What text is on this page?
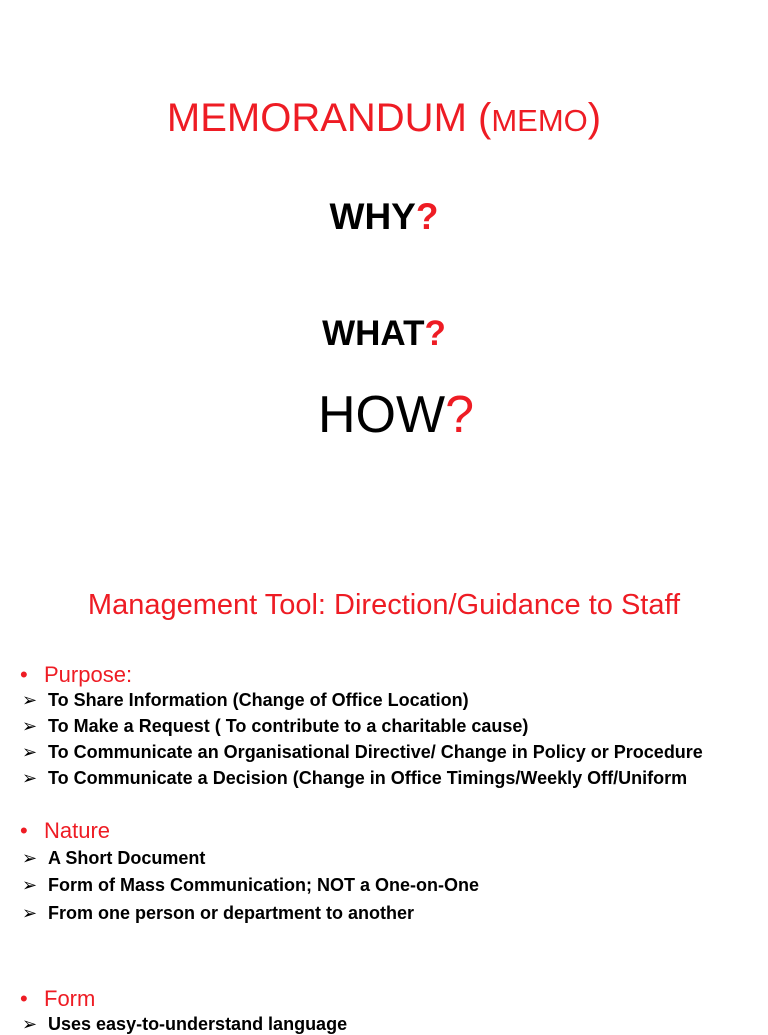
MEMORANDUM (MEMO)
WHY?
WHAT?
HOW?
Management Tool: Direction/Guidance to Staff
• Purpose:
➢ To Share Information (Change of Office Location)
➢ To Make a Request ( To contribute to a charitable cause)
➢ To Communicate an Organisational Directive/ Change in Policy or Procedure
➢ To Communicate a Decision (Change in Office Timings/Weekly Off/Uniform
• Nature
➢ A Short Document
➢ Form of Mass Communication; NOT a One-on-One
➢ From one person or department to another
• Form
➢ Uses easy-to-understand language
